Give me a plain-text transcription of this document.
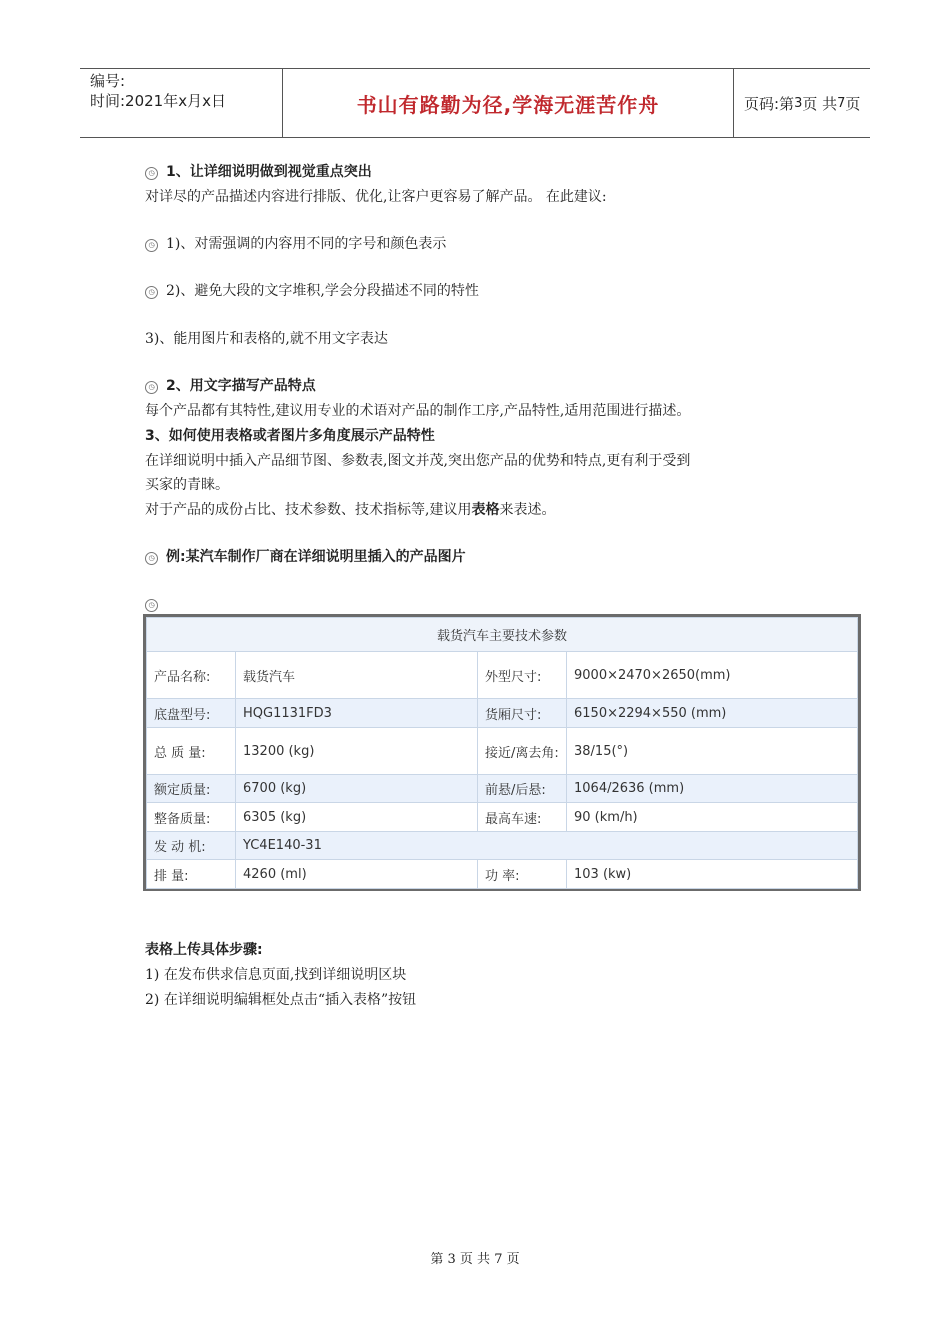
编号:
时间:2021年x月x日	书山有路勤为径,学海无涯苦作舟	页码:第 3 页 共 7 页
◷ 1、让详细说明做到视觉重点突出
对详尽的产品描述内容进行排版、优化,让客户更容易了解产品。 在此建议:
◷ 1)、对需强调的内容用不同的字号和颜色表示
◷ 2)、避免大段的文字堆积,学会分段描述不同的特性
3)、能用图片和表格的,就不用文字表达
◷ 2、用文字描写产品特点
每个产品都有其特性,建议用专业的术语对产品的制作工序,产品特性,适用范围进行描述。
3、如何使用表格或者图片多角度展示产品特性
在详细说明中插入产品细节图、参数表,图文并茂,突出您产品的优势和特点,更有利于受到
买家的青睐。
对于产品的成份占比、技术参数、技术指标等,建议用表格来表述。
◷ 例:某汽车制作厂商在详细说明里插入的产品图片
◷
载货汽车主要技术参数			
产品名称:	载货汽车	外型尺寸:	9000×2470×2650(mm)
底盘型号:	HQG1131FD3	货厢尺寸:	6150×2294×550 (mm)
总 质 量:	13200 (kg)	接近/离去角:	38/15(°)
额定质量:	6700 (kg)	前悬/后悬:	1064/2636 (mm)
整备质量:	6305 (kg)	最高车速:	90 (km/h)
发 动 机:	YC4E140-31		
排 量:	4260 (ml)	功 率:	103 (kw)
表格上传具体步骤:
1) 在发布供求信息页面,找到详细说明区块
2) 在详细说明编辑框处点击“插入表格”按钮
第 3 页 共 7 页
